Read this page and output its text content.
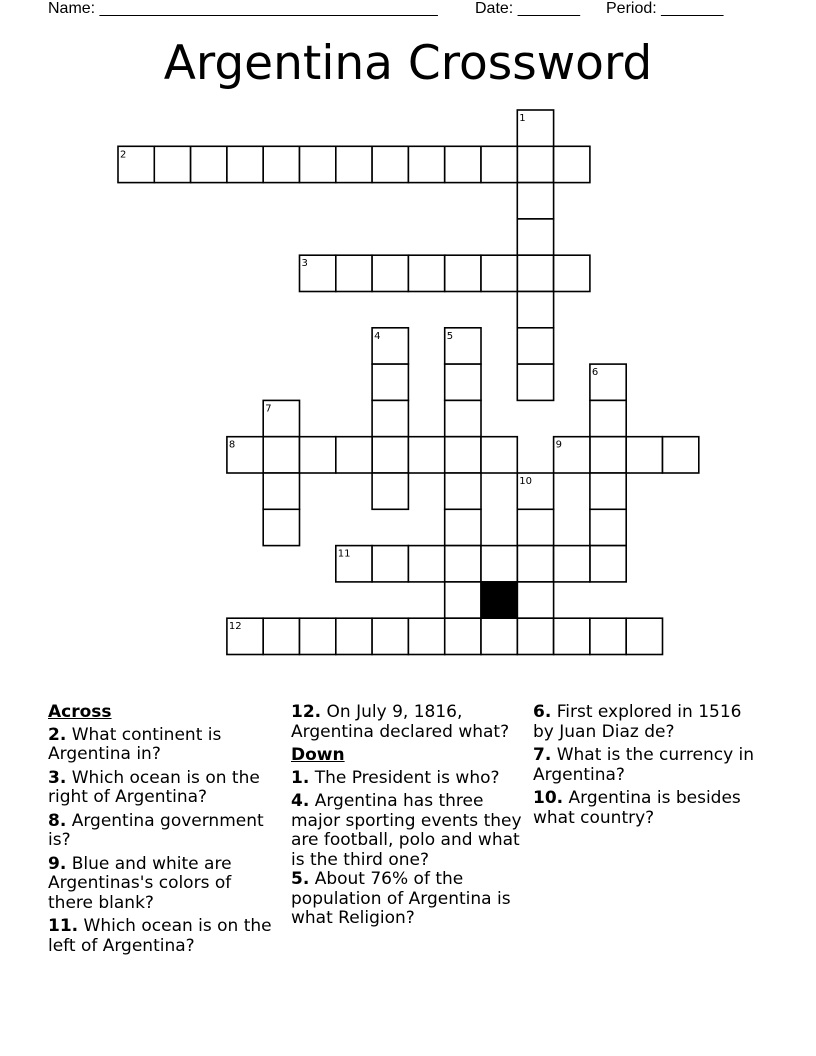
Name: ______________________________________ Date: _______ Period: _______
Argentina Crossword
1
2
3
4	5
6
7
8	9
10
11
12
Across
2. What continent is Argentina in?
3. Which ocean is on the right of Argentina?
8. Argentina government is?
9. Blue and white are Argentinas's colors of there blank?
11. Which ocean is on the left of Argentina?
12. On July 9, 1816, Argentina declared what?
Down
1. The President is who?
4. Argentina has three major sporting events they are football, polo and what is the third one?
5. About 76% of the population of Argentina is what Religion?
6. First explored in 1516 by Juan Diaz de?
7. What is the currency in Argentina?
10. Argentina is besides what country?
